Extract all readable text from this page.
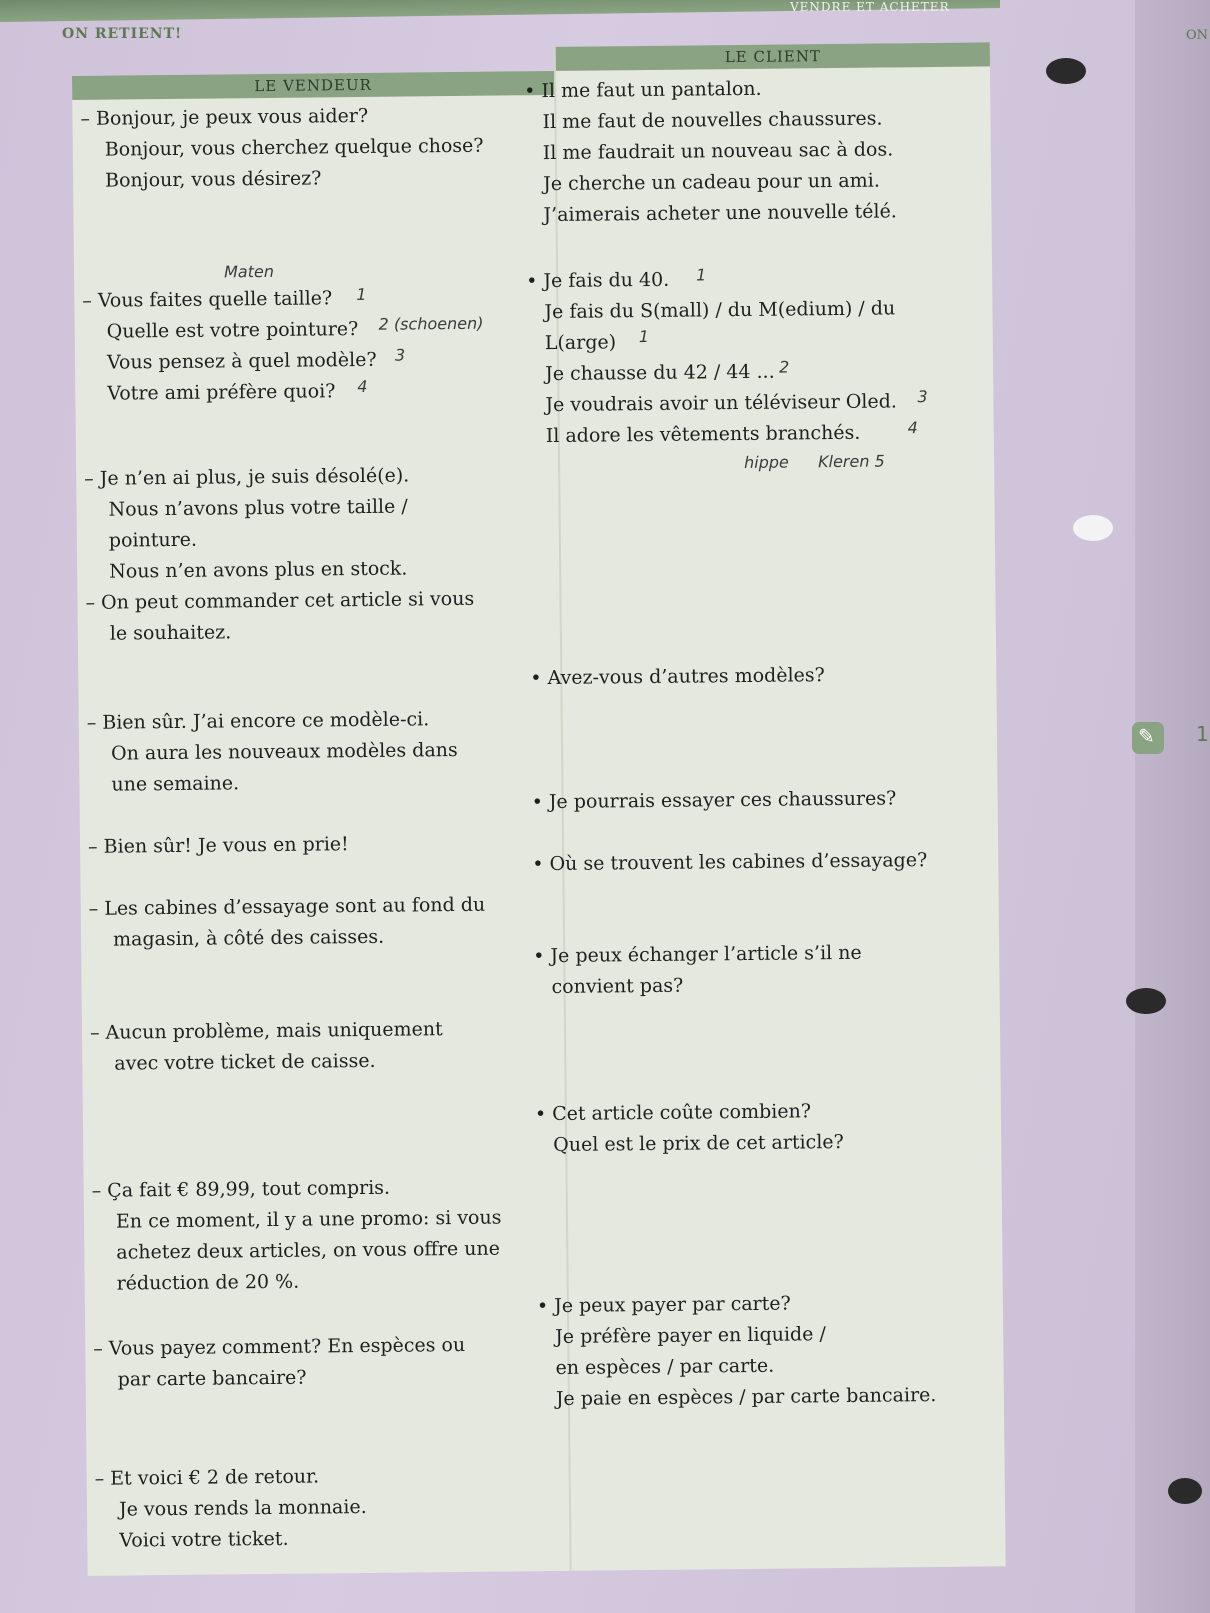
VENDRE ET ACHETER
ON RETIENT!	ON
LE VENDEUR
LE CLIENT
– Bonjour, je peux vous aider?
Bonjour, vous cherchez quelque chose?
Bonjour, vous désirez?
– Vous faites quelle taille?
Quelle est votre pointure?
Vous pensez à quel modèle?
Votre ami préfère quoi?
– Je n’en ai plus, je suis désolé(e).
Nous n’avons plus votre taille /
pointure.
Nous n’en avons plus en stock.
– On peut commander cet article si vous
le souhaitez.
– Bien sûr. J’ai encore ce modèle-ci.
On aura les nouveaux modèles dans
une semaine.
– Bien sûr! Je vous en prie!
– Les cabines d’essayage sont au fond du
magasin, à côté des caisses.
– Aucun problème, mais uniquement
avec votre ticket de caisse.
– Ça fait € 89,99, tout compris.
En ce moment, il y a une promo: si vous
achetez deux articles, on vous offre une
réduction de 20 %.
– Vous payez comment? En espèces ou
par carte bancaire?
– Et voici € 2 de retour.
Je vous rends la monnaie.
Voici votre ticket.
• Il me faut un pantalon.
Il me faut de nouvelles chaussures.
Il me faudrait un nouveau sac à dos.
Je cherche un cadeau pour un ami.
J’aimerais acheter une nouvelle télé.
• Je fais du 40.
Je fais du S(mall) / du M(edium) / du
L(arge)
Je chausse du 42 / 44 ...
Je voudrais avoir un téléviseur Oled.
Il adore les vêtements branchés.
• Avez-vous d’autres modèles?
• Je pourrais essayer ces chaussures?
• Où se trouvent les cabines d’essayage?
• Je peux échanger l’article s’il ne
convient pas?
• Cet article coûte combien?
Quel est le prix de cet article?
• Je peux payer par carte?
Je préfère payer en liquide /
en espèces / par carte.
Je paie en espèces / par carte bancaire.
Maten
1
2 (schoenen)
3
4
1
1
2
3
4
hippe Kleren 5
✎ 1
